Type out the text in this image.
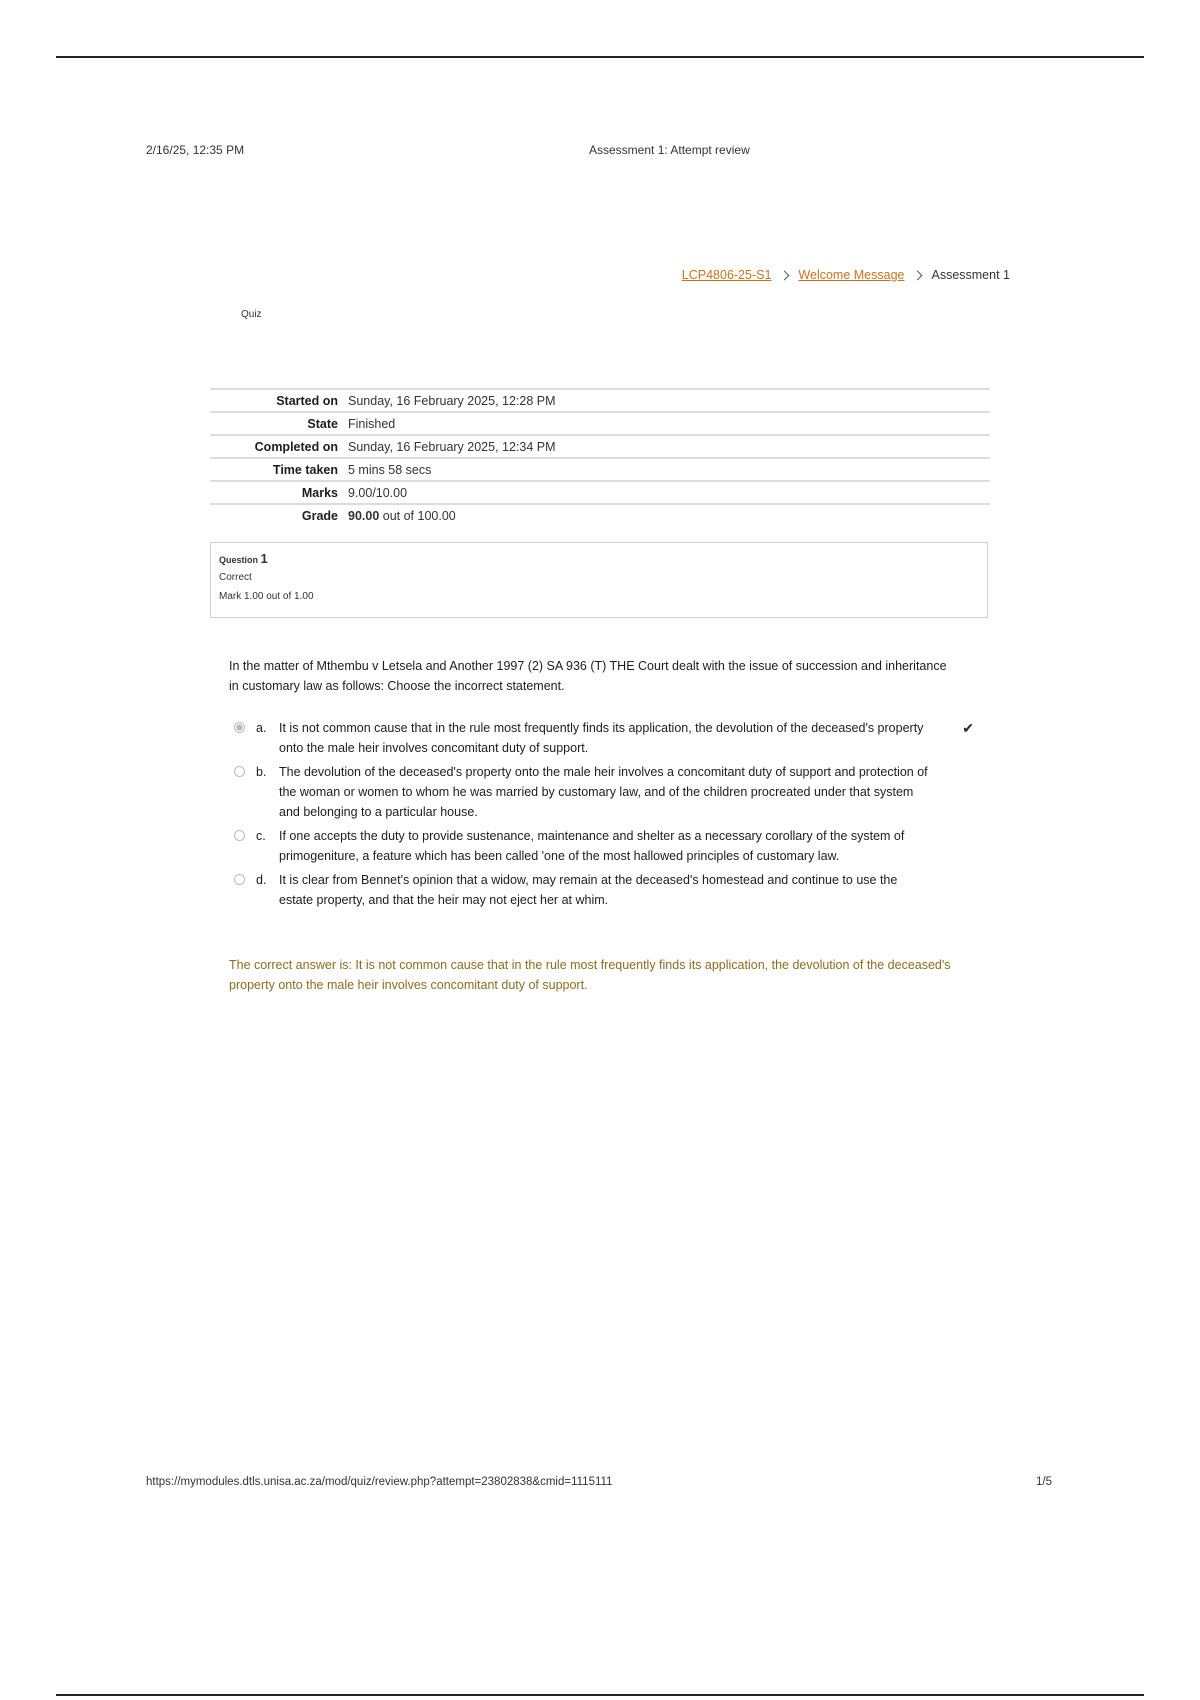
2/16/25, 12:35 PM	Assessment 1: Attempt review
LCP4806-25-S1 Welcome Message Assessment 1
Quiz
Started on	Sunday, 16 February 2025, 12:28 PM
State	Finished
Completed on	Sunday, 16 February 2025, 12:34 PM
Time taken	5 mins 58 secs
Marks	9.00/10.00
Grade	90.00 out of 100.00
Question 1
Correct
Mark 1.00 out of 1.00
In the matter of Mthembu v Letsela and Another 1997 (2) SA 936 (T) THE Court dealt with the issue of succession and inheritance in customary law as follows: Choose the incorrect statement.
a. It is not common cause that in the rule most frequently finds its application, the devolution of the deceased's property onto the male heir involves concomitant duty of support.
✔
b. The devolution of the deceased's property onto the male heir involves a concomitant duty of support and protection of the woman or women to whom he was married by customary law, and of the children procreated under that system and belonging to a particular house.
c. If one accepts the duty to provide sustenance, maintenance and shelter as a necessary corollary of the system of primogeniture, a feature which has been called 'one of the most hallowed principles of customary law.
d. It is clear from Bennet's opinion that a widow, may remain at the deceased's homestead and continue to use the estate property, and that the heir may not eject her at whim.
The correct answer is: It is not common cause that in the rule most frequently finds its application, the devolution of the deceased's property onto the male heir involves concomitant duty of support.
https://mymodules.dtls.unisa.ac.za/mod/quiz/review.php?attempt=23802838&cmid=1115111	1/5
